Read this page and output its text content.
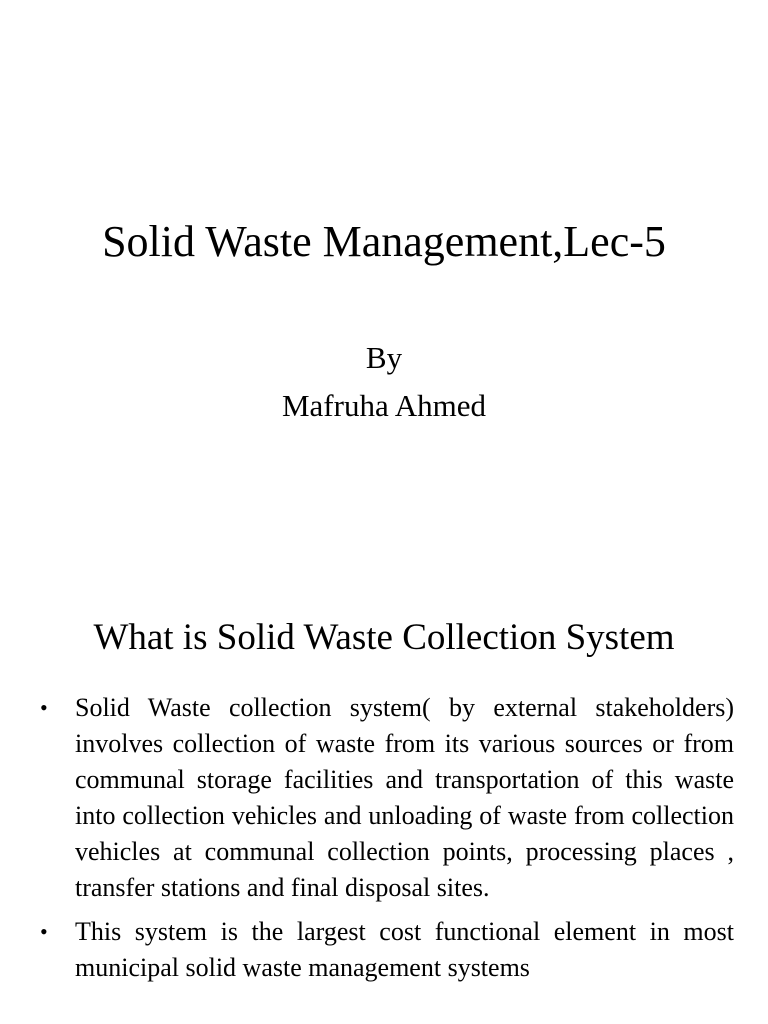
Solid Waste Management,Lec-5
By
Mafruha Ahmed
What is Solid Waste Collection System
• Solid Waste collection system( by external stakeholders) involves collection of waste from its various sources or from communal storage facilities and transportation of this waste into collection vehicles and unloading of waste from collection vehicles at communal collection points, processing places , transfer stations and final disposal sites.
• This system is the largest cost functional element in most municipal solid waste management systems
